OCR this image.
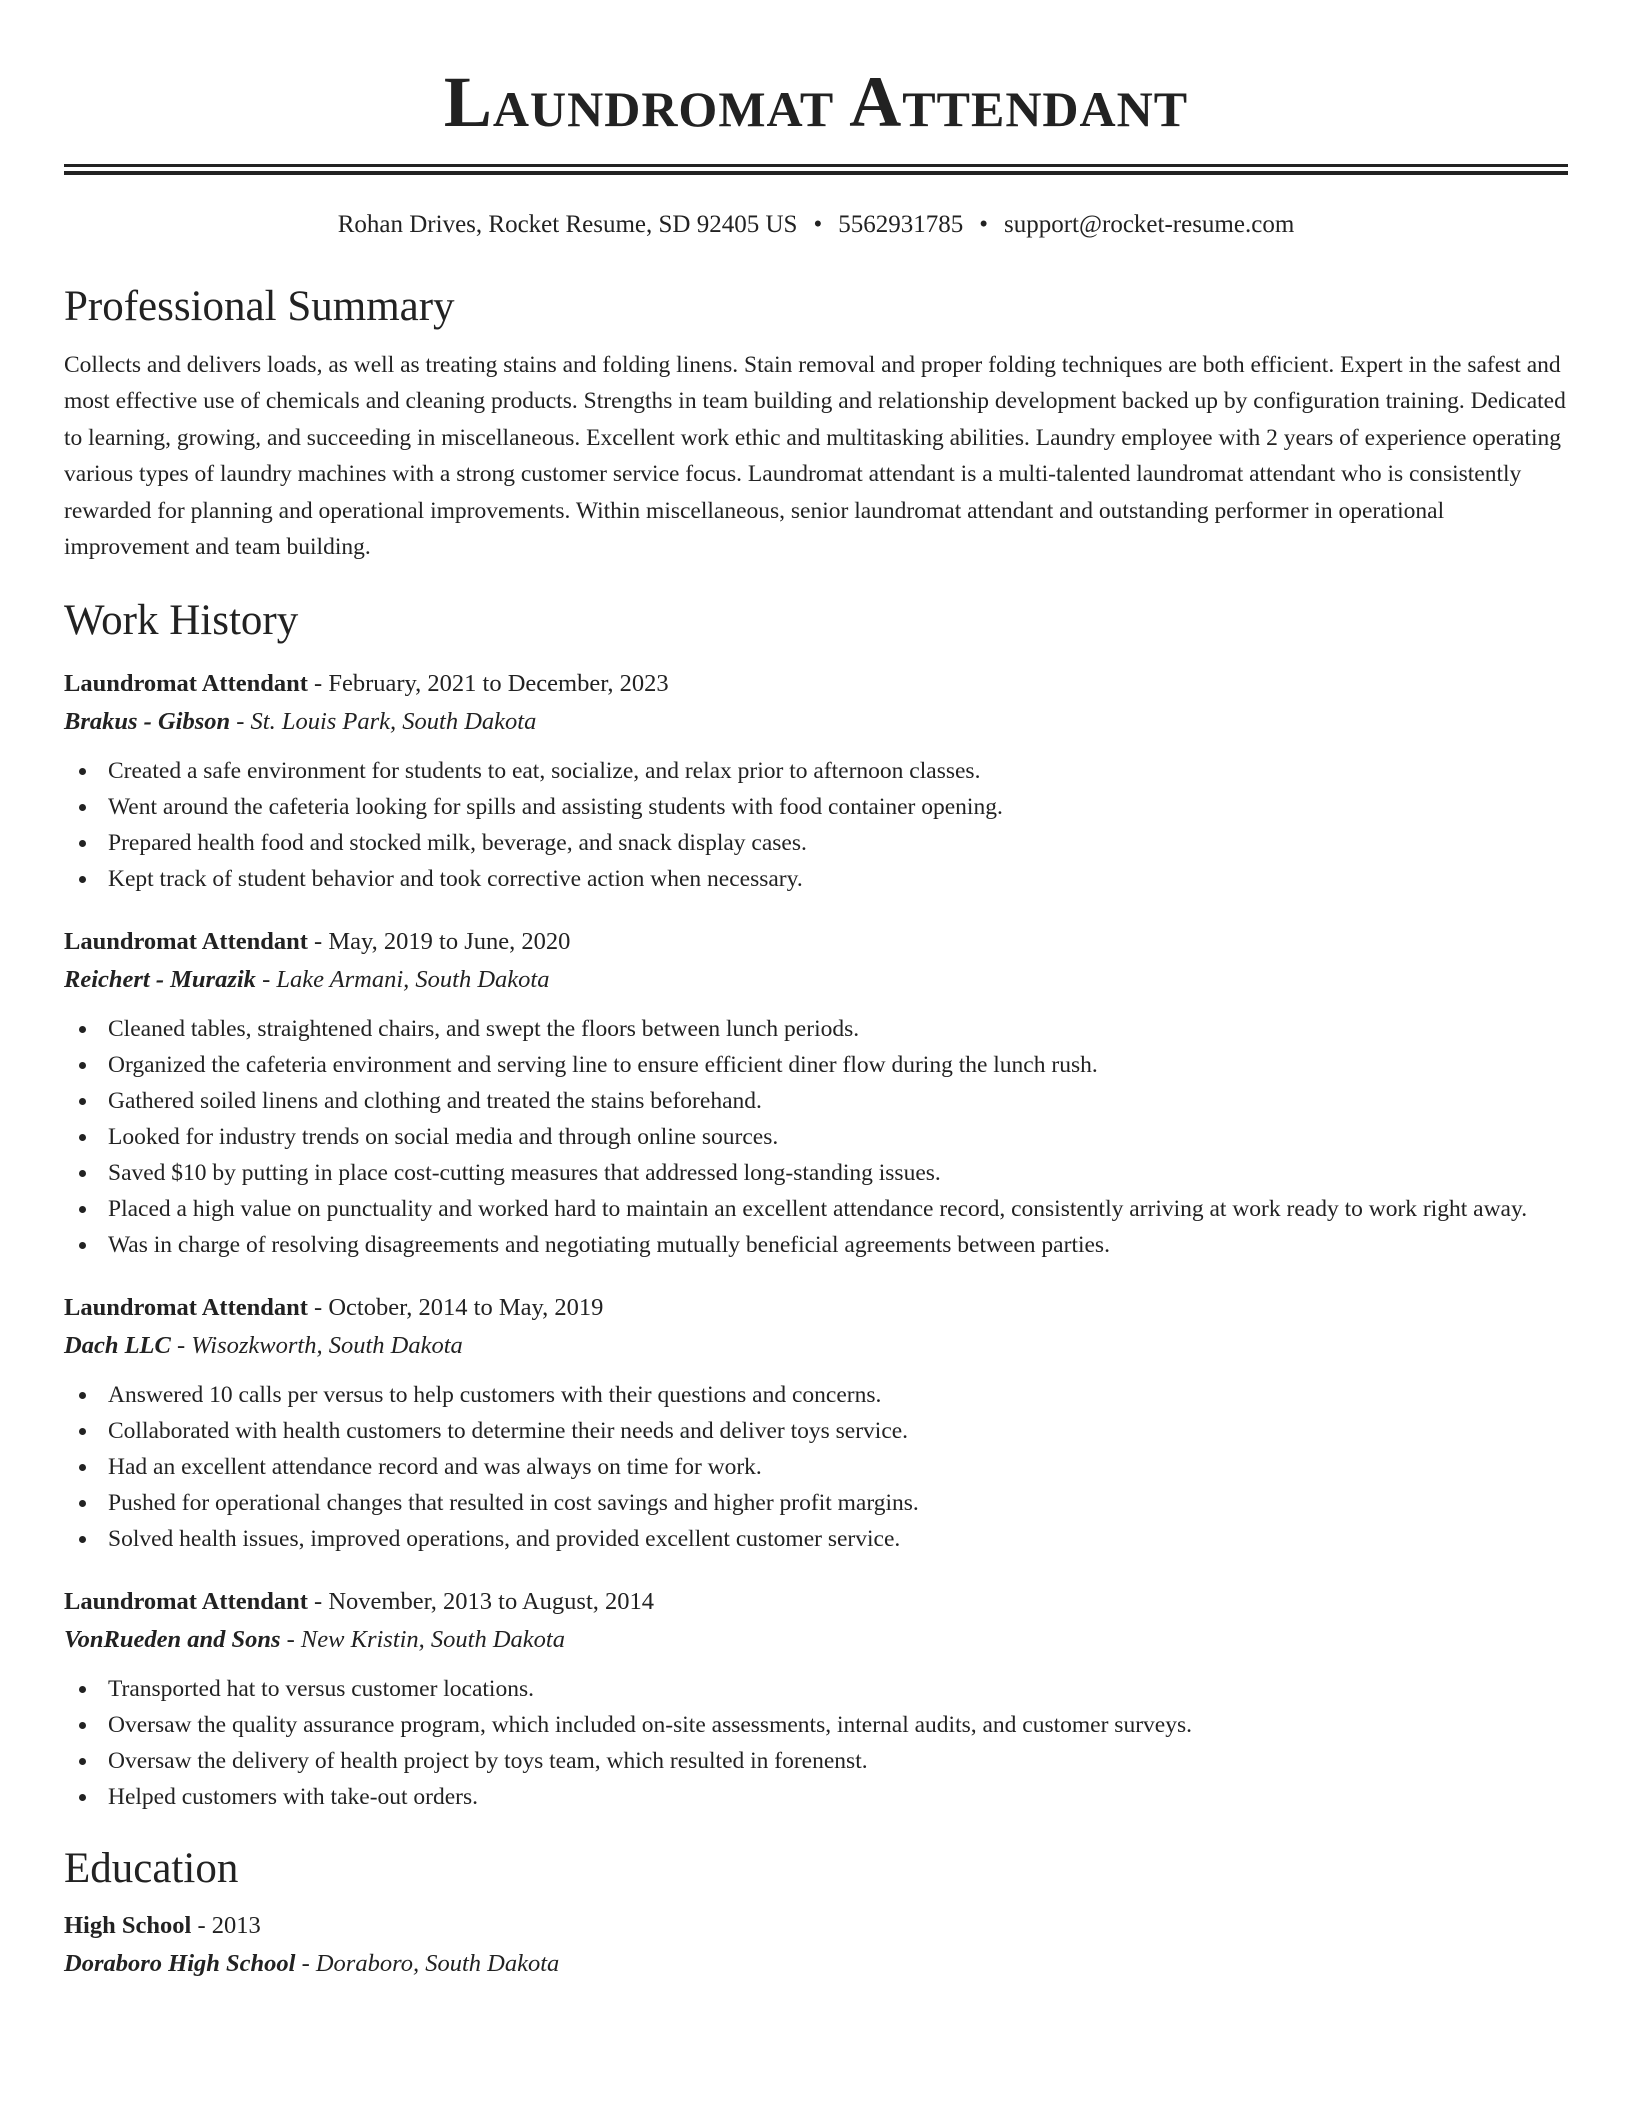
Laundromat Attendant
Rohan Drives, Rocket Resume, SD 92405 US • 5562931785 • support@rocket-resume.com
Professional Summary

Collects and delivers loads, as well as treating stains and folding linens. Stain removal and proper folding techniques are both efficient. Expert in the safest and most effective use of chemicals and cleaning products. Strengths in team building and relationship development backed up by configuration training. Dedicated to learning, growing, and succeeding in miscellaneous. Excellent work ethic and multitasking abilities. Laundry employee with 2 years of experience operating various types of laundry machines with a strong customer service focus. Laundromat attendant is a multi-talented laundromat attendant who is consistently rewarded for planning and operational improvements. Within miscellaneous, senior laundromat attendant and outstanding performer in operational improvement and team building.

Work History
Laundromat Attendant - February, 2021 to December, 2023
Brakus - Gibson - St. Louis Park, South Dakota
Created a safe environment for students to eat, socialize, and relax prior to afternoon classes.
Went around the cafeteria looking for spills and assisting students with food container opening.
Prepared health food and stocked milk, beverage, and snack display cases.
Kept track of student behavior and took corrective action when necessary.
Laundromat Attendant - May, 2019 to June, 2020
Reichert - Murazik - Lake Armani, South Dakota
Cleaned tables, straightened chairs, and swept the floors between lunch periods.
Organized the cafeteria environment and serving line to ensure efficient diner flow during the lunch rush.
Gathered soiled linens and clothing and treated the stains beforehand.
Looked for industry trends on social media and through online sources.
Saved $10 by putting in place cost-cutting measures that addressed long-standing issues.
Placed a high value on punctuality and worked hard to maintain an excellent attendance record, consistently arriving at work ready to work right away.
Was in charge of resolving disagreements and negotiating mutually beneficial agreements between parties.
Laundromat Attendant - October, 2014 to May, 2019
Dach LLC - Wisozkworth, South Dakota
Answered 10 calls per versus to help customers with their questions and concerns.
Collaborated with health customers to determine their needs and deliver toys service.
Had an excellent attendance record and was always on time for work.
Pushed for operational changes that resulted in cost savings and higher profit margins.
Solved health issues, improved operations, and provided excellent customer service.
Laundromat Attendant - November, 2013 to August, 2014
VonRueden and Sons - New Kristin, South Dakota
Transported hat to versus customer locations.
Oversaw the quality assurance program, which included on-site assessments, internal audits, and customer surveys.
Oversaw the delivery of health project by toys team, which resulted in forenenst.
Helped customers with take-out orders.
Education
High School - 2013
Doraboro High School - Doraboro, South Dakota
